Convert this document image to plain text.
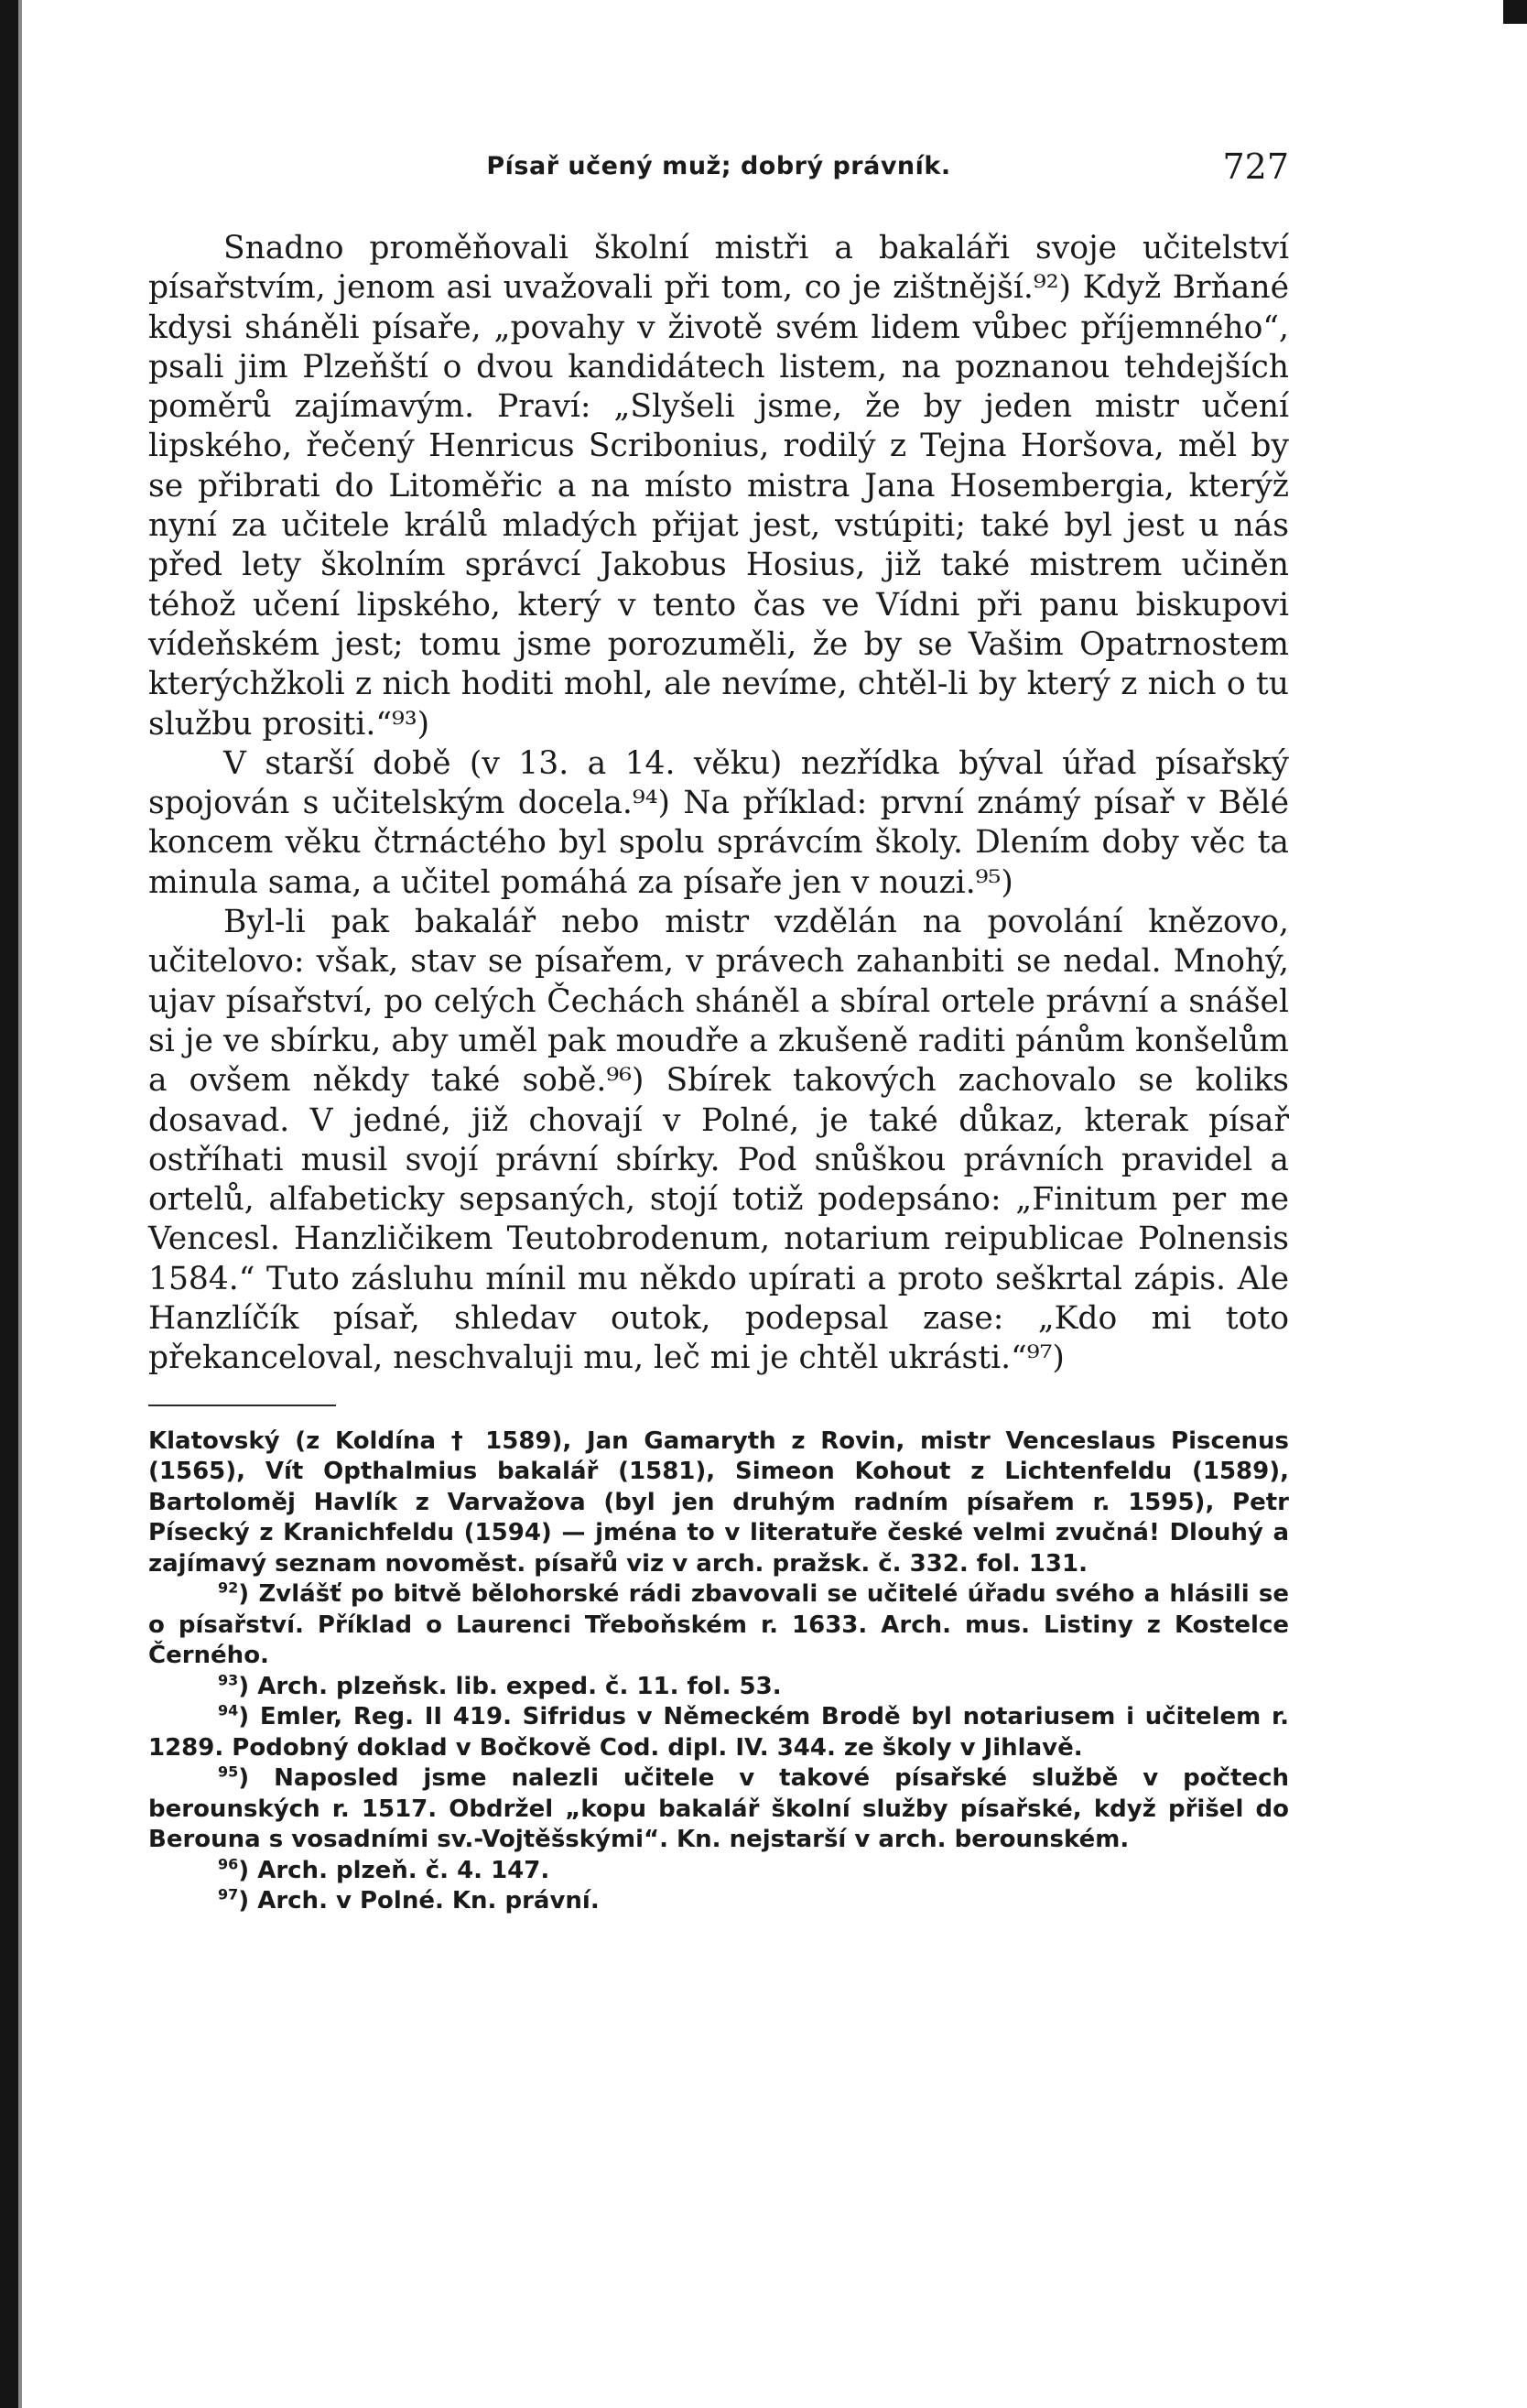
Písař učený muž; dobrý právník.	727

Snadno proměňovali školní mistři a bakaláři svoje učitelství písařstvím, jenom asi uvažovali při tom, co je zištnější.⁹²) Když Brňané kdysi sháněli písaře, „povahy v životě svém lidem vůbec příjemného“, psali jim Plzeňští o dvou kandidátech listem, na poznanou tehdejších poměrů zajímavým. Praví: „Slyšeli jsme, že by jeden mistr učení lipského, řečený Henricus Scribonius, rodilý z Tejna Horšova, měl by se přibrati do Litoměřic a na místo mistra Jana Hosembergia, kterýž nyní za učitele králů mladých přijat jest, vstúpiti; také byl jest u nás před lety školním správcí Jakobus Hosius, již také mistrem učiněn téhož učení lipského, který v tento čas ve Vídni při panu biskupovi vídeňském jest; tomu jsme porozuměli, že by se Vašim Opatrnostem kterýchžkoli z nich hoditi mohl, ale nevíme, chtěl-li by který z nich o tu službu prositi.“⁹³)

V starší době (v 13. a 14. věku) nezřídka býval úřad písařský spojován s učitelským docela.⁹⁴) Na příklad: první známý písař v Bělé koncem věku čtrnáctého byl spolu správcím školy. Dlením doby věc ta minula sama, a učitel pomáhá za písaře jen v nouzi.⁹⁵)

Byl-li pak bakalář nebo mistr vzdělán na povolání knězovo, učitelovo: však, stav se písařem, v právech zahanbiti se nedal. Mnohý, ujav písařství, po celých Čechách sháněl a sbíral ortele právní a snášel si je ve sbírku, aby uměl pak moudře a zkušeně raditi pánům konšelům a ovšem někdy také sobě.⁹⁶) Sbírek takových zachovalo se koliks dosavad. V jedné, již chovají v Polné, je také důkaz, kterak písař ostříhati musil svojí právní sbírky. Pod snůškou právních pravidel a ortelů, alfabeticky sepsaných, stojí totiž podepsáno: „Finitum per me Vencesl. Hanzličikem Teutobrodenum, notarium reipublicae Polnensis 1584.“ Tuto zásluhu mínil mu někdo upírati a proto seškrtal zápis. Ale Hanzlíčík písař, shledav outok, podepsal zase: „Kdo mi toto překanceloval, neschvaluji mu, leč mi je chtěl ukrásti.“⁹⁷)

Klatovský (z Koldína † 1589), Jan Gamaryth z Rovin, mistr Venceslaus Piscenus (1565), Vít Opthalmius bakalář (1581), Simeon Kohout z Lichtenfeldu (1589), Bartoloměj Havlík z Varvažova (byl jen druhým radním písařem r. 1595), Petr Písecký z Kranichfeldu (1594) — jména to v literatuře české velmi zvučná! Dlouhý a zajímavý seznam novoměst. písařů viz v arch. pražsk. č. 332. fol. 131.

$^{92}$) Zvlášť po bitvě bělohorské rádi zbavovali se učitelé úřadu svého a hlásili se o písařství. Příklad o Laurenci Třeboňském r. 1633. Arch. mus. Listiny z Kostelce Černého.

$^{93}$) Arch. plzeňsk. lib. exped. č. 11. fol. 53.

$^{94}$) Emler, Reg. II 419. Sifridus v Německém Brodě byl notariusem i učitelem r. 1289. Podobný doklad v Bočkově Cod. dipl. IV. 344. ze školy v Jihlavě.

$^{95}$) Naposled jsme nalezli učitele v takové písařské službě v počtech berounských r. 1517. Obdržel „kopu bakalář školní služby písařské, když přišel do Berouna s vosadními sv.-Vojtěšskými“. Kn. nejstarší v arch. berounském.

$^{96}$) Arch. plzeň. č. 4. 147.

$^{97}$) Arch. v Polné. Kn. právní.
